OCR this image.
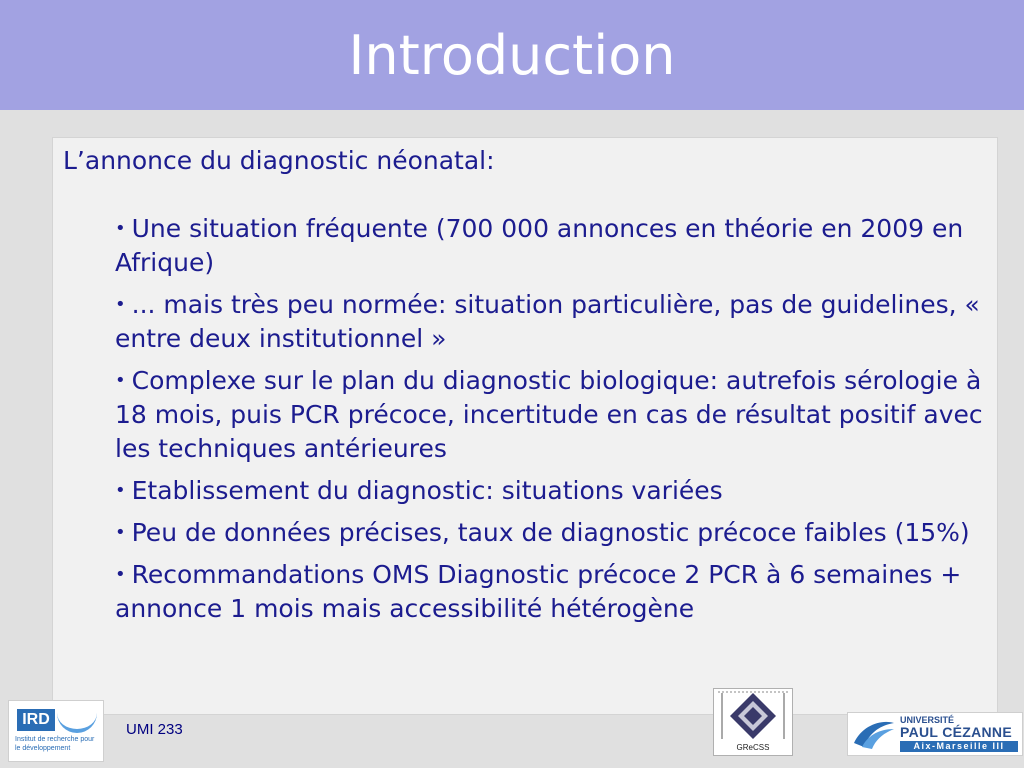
Introduction
L’annonce du diagnostic néonatal:
• Une situation fréquente (700 000 annonces en théorie en 2009 en Afrique)
• ... mais très peu normée: situation particulière, pas de guidelines, « entre deux institutionnel »
• Complexe sur le plan du diagnostic biologique: autrefois sérologie à 18 mois, puis PCR précoce, incertitude en cas de résultat positif avec les techniques antérieures
• Etablissement du diagnostic: situations variées
• Peu de données précises, taux de diagnostic précoce faibles (15%)
• Recommandations OMS Diagnostic précoce 2 PCR à 6 semaines + annonce 1 mois mais accessibilité hétérogène
IRD
Institut de recherche pour le développement
UMI 233
GReCSS
UNIVERSITÉ
PAUL CÉZANNE
Aix-Marseille III
